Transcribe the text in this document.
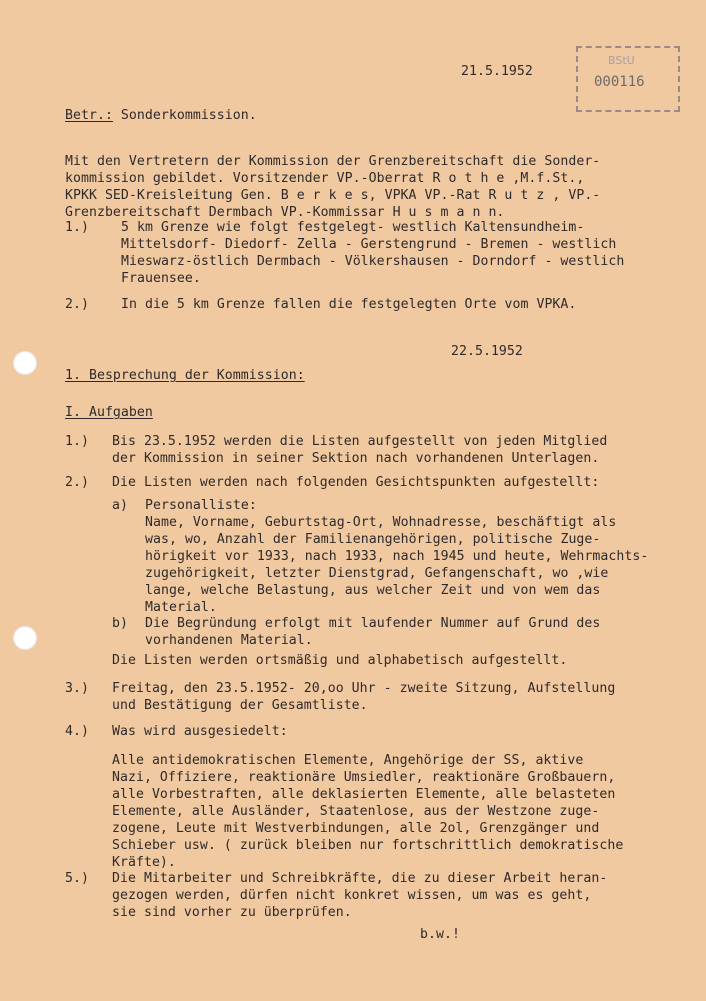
BStU
000116
21.5.1952
Betr.: Sonderkommission.
Mit den Vertretern der Kommission der Grenzbereitschaft die Sonder-
kommission gebildet. Vorsitzender VP.-Oberrat R o t h e ,M.f.St.,
KPKK SED-Kreisleitung Gen. B e r k e s, VPKA VP.-Rat R u t z , VP.-
Grenzbereitschaft Dermbach VP.-Kommissar H u s m a n n.
1.) 5 km Grenze wie folgt festgelegt- westlich Kaltensundheim-
Mittelsdorf- Diedorf- Zella - Gerstengrund - Bremen - westlich
Mieswarz-östlich Dermbach - Völkershausen - Dorndorf - westlich
Frauensee.
2.) In die 5 km Grenze fallen die festgelegten Orte vom VPKA.
22.5.1952
1. Besprechung der Kommission:
I. Aufgaben
1.) Bis 23.5.1952 werden die Listen aufgestellt von jeden Mitglied
der Kommission in seiner Sektion nach vorhandenen Unterlagen.
2.) Die Listen werden nach folgenden Gesichtspunkten aufgestellt:
a) Personalliste:
Name, Vorname, Geburtstag-Ort, Wohnadresse, beschäftigt als
was, wo, Anzahl der Familienangehörigen, politische Zuge-
hörigkeit vor 1933, nach 1933, nach 1945 und heute, Wehrmachts-
zugehörigkeit, letzter Dienstgrad, Gefangenschaft, wo ,wie
lange, welche Belastung, aus welcher Zeit und von wem das
Material.
b) Die Begründung erfolgt mit laufender Nummer auf Grund des
vorhandenen Material.
Die Listen werden ortsmäßig und alphabetisch aufgestellt.
3.) Freitag, den 23.5.1952- 20,oo Uhr - zweite Sitzung, Aufstellung
und Bestätigung der Gesamtliste.
4.) Was wird ausgesiedelt:
Alle antidemokratischen Elemente, Angehörige der SS, aktive
Nazi, Offiziere, reaktionäre Umsiedler, reaktionäre Großbauern,
alle Vorbestraften, alle deklasierten Elemente, alle belasteten
Elemente, alle Ausländer, Staatenlose, aus der Westzone zuge-
zogene, Leute mit Westverbindungen, alle 2ol, Grenzgänger und
Schieber usw. ( zurück bleiben nur fortschrittlich demokratische
Kräfte).
5.) Die Mitarbeiter und Schreibkräfte, die zu dieser Arbeit heran-
gezogen werden, dürfen nicht konkret wissen, um was es geht,
sie sind vorher zu überprüfen.
b.w.!
